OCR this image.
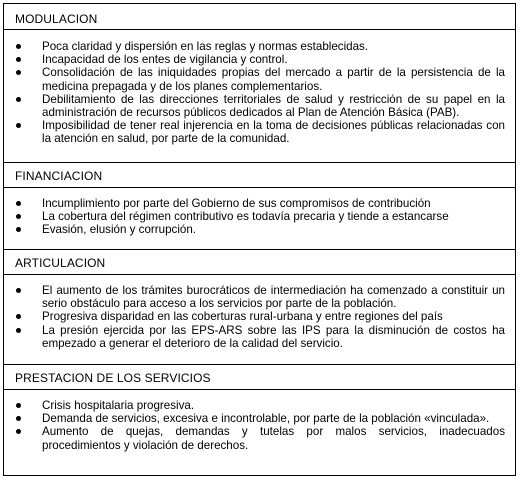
MODULACION
Poca claridad y dispersión en las reglas y normas establecidas.
Incapacidad de los entes de vigilancia y control.
Consolidación de las iniquidades propias del mercado a partir de la persistencia de la medicina prepagada y de los planes complementarios.
Debilitamiento de las direcciones territoriales de salud y restricción de su papel en la administración de recursos públicos dedicados al Plan de Atención Básica (PAB).
Imposibilidad de tener real injerencia en la toma de decisiones públicas relacionadas con la atención en salud, por parte de la comunidad.
FINANCIACION
Incumplimiento por parte del Gobierno de sus compromisos de contribución
La cobertura del régimen contributivo es todavía precaria y tiende a estancarse
Evasión, elusión y corrupción.
ARTICULACION
El aumento de los trámites burocráticos de intermediación ha comenzado a constituir un serio obstáculo para acceso a los servicios por parte de la población.
Progresiva disparidad en las coberturas rural-urbana y entre regiones del país
La presión ejercida por las EPS-ARS sobre las IPS para la disminución de costos ha empezado a generar el deterioro de la calidad del servicio.
PRESTACION DE LOS SERVICIOS
Crisis hospitalaria progresiva.
Demanda de servicios, excesiva e incontrolable, por parte de la población «vinculada».
Aumento de quejas, demandas y tutelas por malos servicios, inadecuados procedimientos y violación de derechos.
